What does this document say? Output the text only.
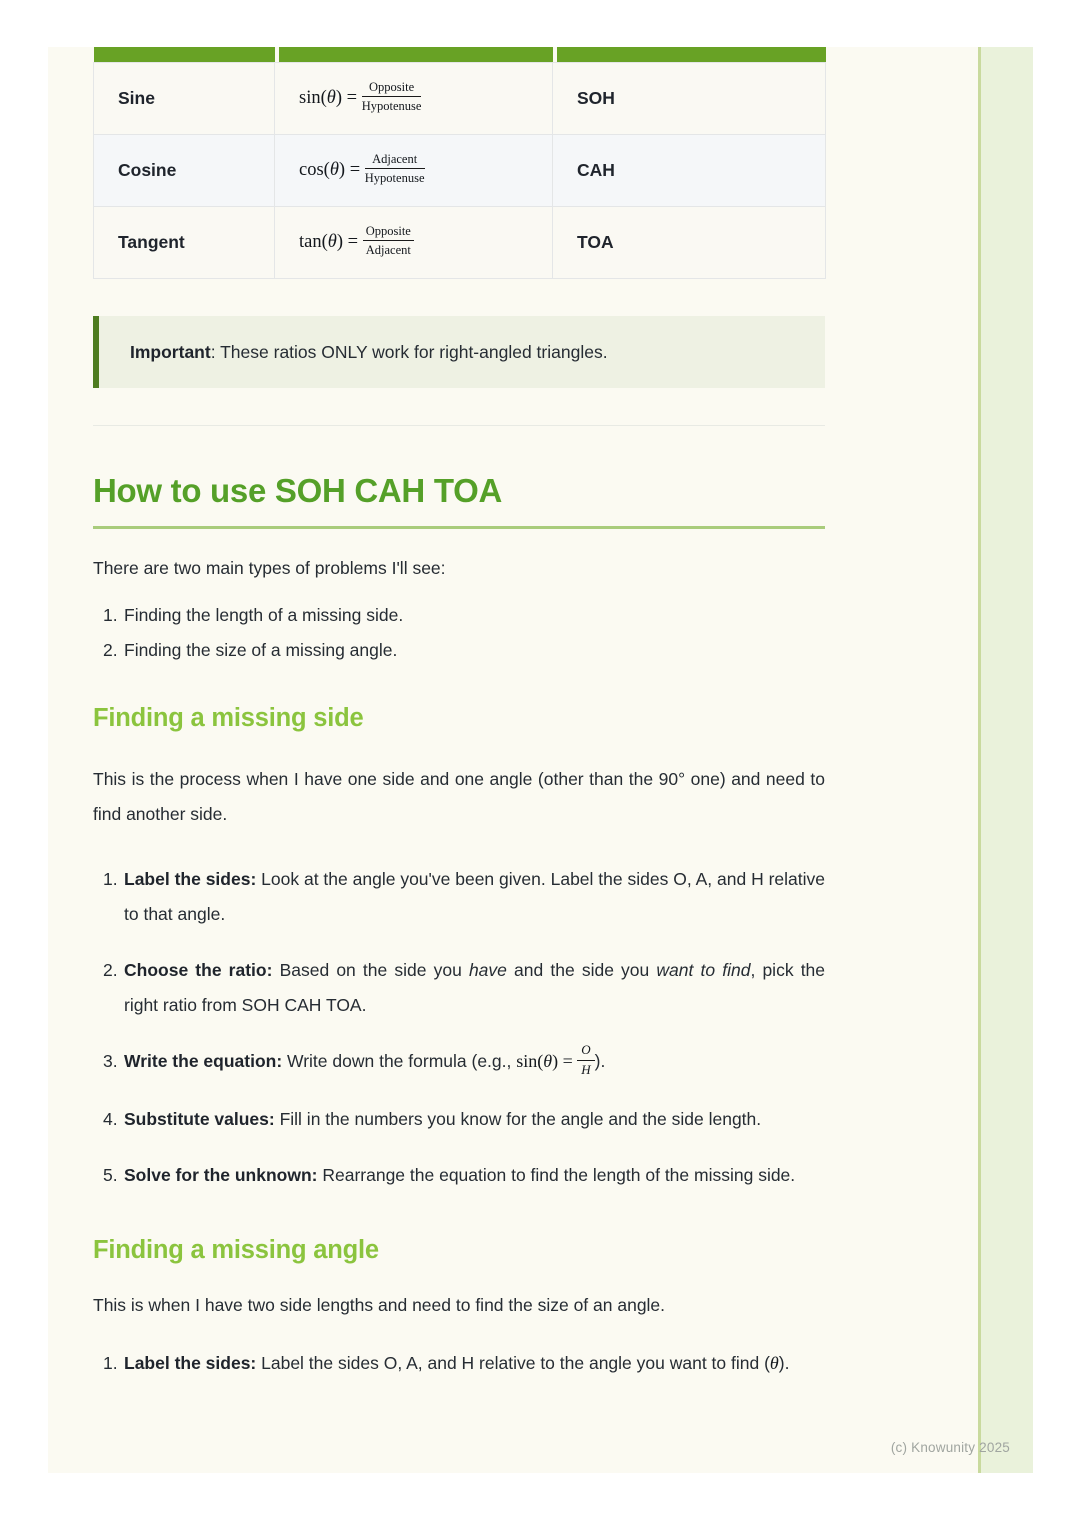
Sine	$\sin(\theta) = \frac{\text{Opposite}}{\text{Hypotenuse}}$	SOH
Cosine	$\cos(\theta) = \frac{\text{Adjacent}}{\text{Hypotenuse}}$	CAH
Tangent	$\tan(\theta) = \frac{\text{Opposite}}{\text{Adjacent}}$	TOA
Important: These ratios ONLY work for right-angled triangles.
How to use SOH CAH TOA

There are two main types of problems I'll see:

1. Finding the length of a missing side.
2. Finding the size of a missing angle.
Finding a missing side

This is the process when I have one side and one angle (other than the 90° one) and need to find another side.

1. Label the sides: Look at the angle you've been given. Label the sides O, A, and H relative to that angle.
2. Choose the ratio: Based on the side you have and the side you want to find, pick the right ratio from SOH CAH TOA.
3. Write the equation: Write down the formula (e.g., $\sin(\theta) = \frac{O}{H}$ ).
4. Substitute values: Fill in the numbers you know for the angle and the side length.
5. Solve for the unknown: Rearrange the equation to find the length of the missing side.
Finding a missing angle

This is when I have two side lengths and need to find the size of an angle.

1. Label the sides: Label the sides O, A, and H relative to the angle you want to find (θ).
(c) Knowunity 2025
